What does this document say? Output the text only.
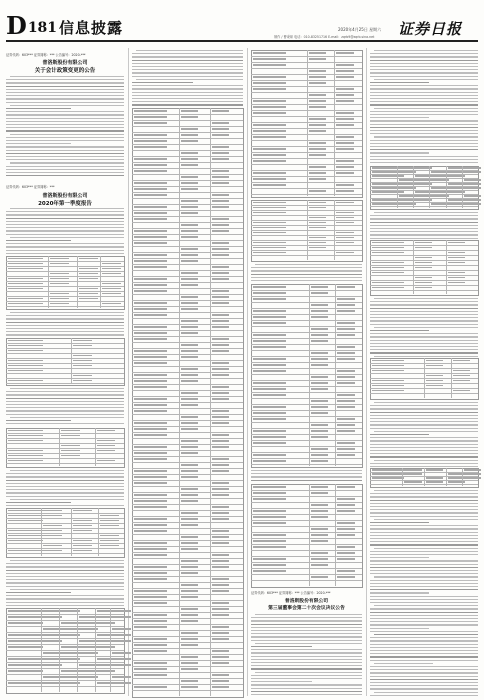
D 181 信息披露	2020年4月25日 星期六
制作 / 曹秉琛 电话：010-83251716 E-mail：zqrb9@zqrb.sina.net 证券日报
证券代码：603*** 证券简称：*** 公告编号：2020-***
普洛斯股份有限公司
关于会计政策变更的公告
证券代码：603*** 证券简称：***
普洛斯股份有限公司
2020年第一季度报告
证券代码：603*** 证券简称：*** 公告编号：2020-***
普洛斯股份有限公司
第三届董事会第二十次会议决议公告
